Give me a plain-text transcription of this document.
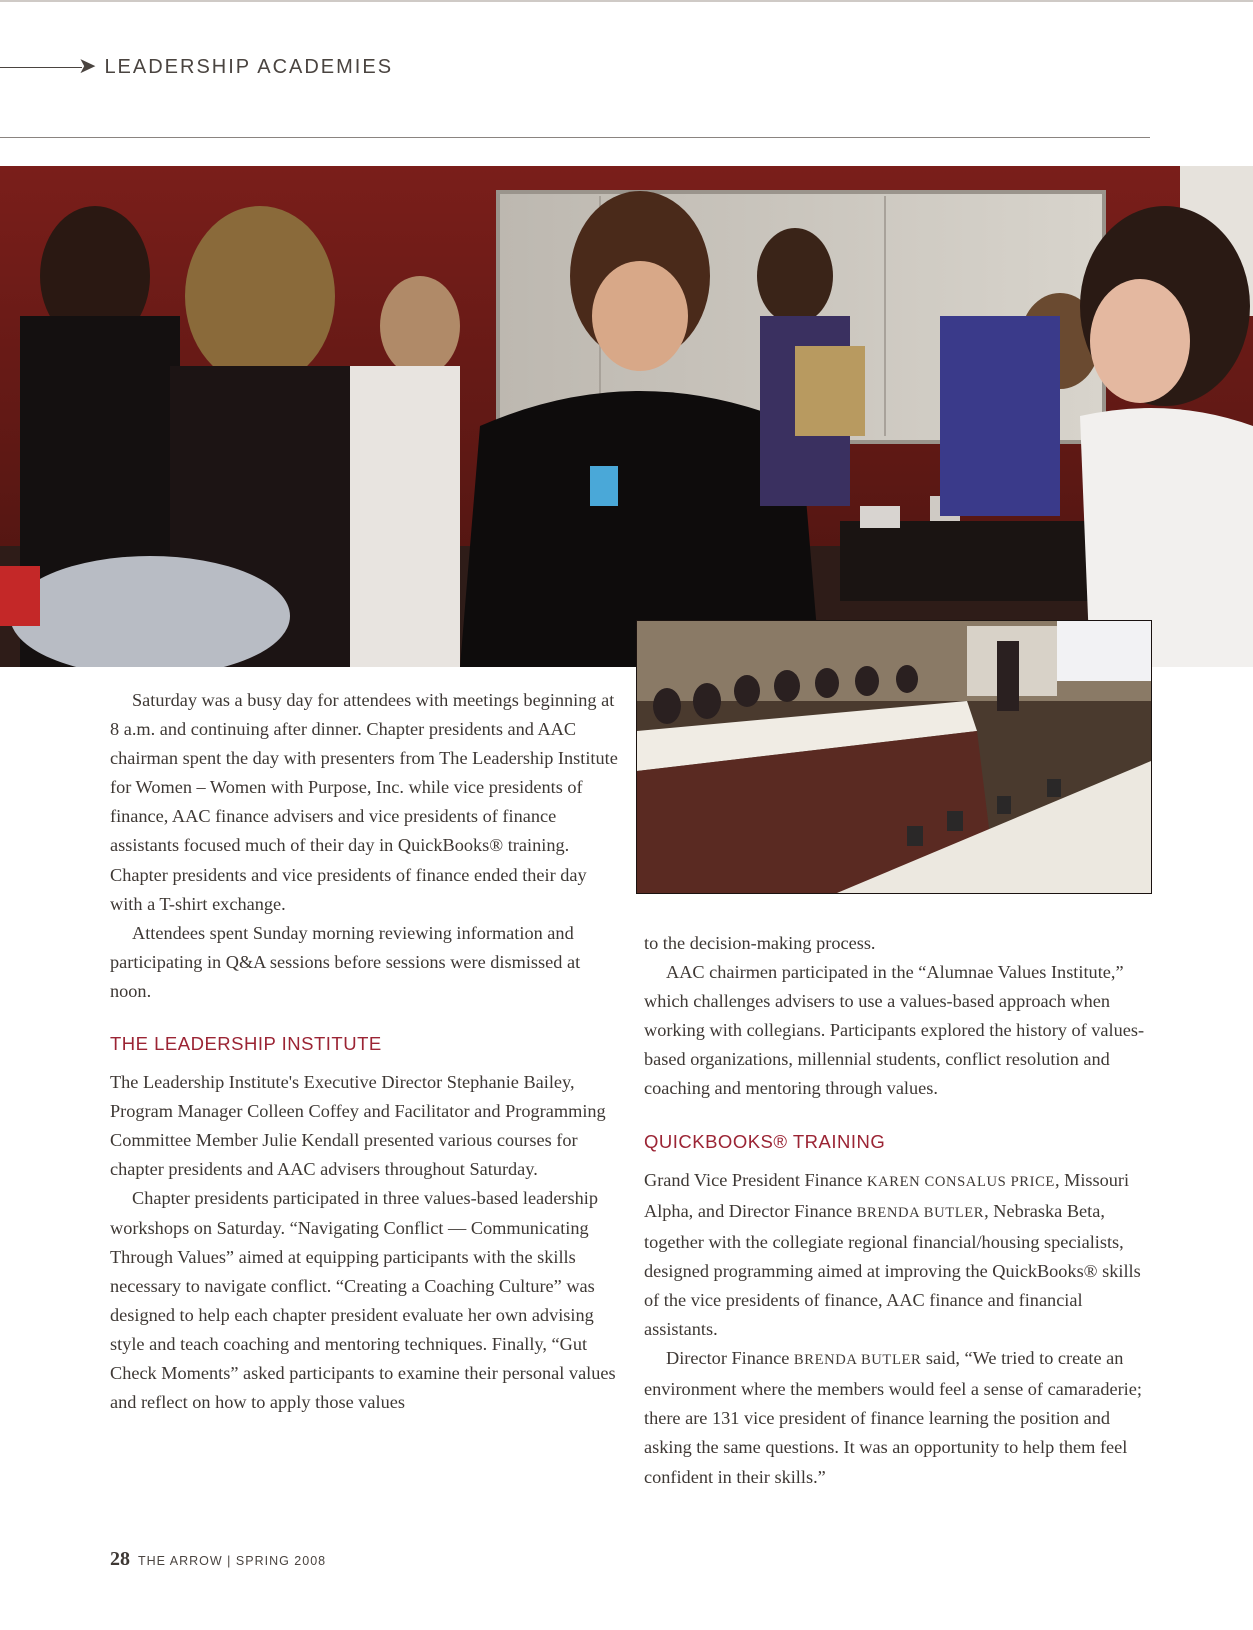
➤ LEADERSHIP ACADEMIES

Saturday was a busy day for attendees with meetings beginning at 8 a.m. and continuing after dinner. Chapter presidents and AAC chairman spent the day with presenters from The Leadership Institute for Women – Women with Purpose, Inc. while vice presidents of finance, AAC finance advisers and vice presidents of finance assistants focused much of their day in QuickBooks® training. Chapter presidents and vice presidents of finance ended their day with a T-shirt exchange.

Attendees spent Sunday morning reviewing information and participating in Q&A sessions before sessions were dismissed at noon.

THE LEADERSHIP INSTITUTE

The Leadership Institute's Executive Director Stephanie Bailey, Program Manager Colleen Coffey and Facilitator and Programming Committee Member Julie Kendall presented various courses for chapter presidents and AAC advisers throughout Saturday.

Chapter presidents participated in three values-based leadership workshops on Saturday. “Navigating Conflict — Communicating Through Values” aimed at equipping participants with the skills necessary to navigate conflict. “Creating a Coaching Culture” was designed to help each chapter president evaluate her own advising style and teach coaching and mentoring techniques. Finally, “Gut Check Moments” asked participants to examine their personal values and reflect on how to apply those values

to the decision-making process.

AAC chairmen participated in the “Alumnae Values Institute,” which challenges advisers to use a values-based approach when working with collegians. Participants explored the history of values-based organizations, millennial students, conflict resolution and coaching and mentoring through values.

QUICKBOOKS® TRAINING

Grand Vice President Finance KAREN CONSALUS PRICE, Missouri Alpha, and Director Finance BRENDA BUTLER, Nebraska Beta, together with the collegiate regional financial/housing specialists, designed programming aimed at improving the QuickBooks® skills of the vice presidents of finance, AAC finance and financial assistants.

Director Finance BRENDA BUTLER said, “We tried to create an environment where the members would feel a sense of camaraderie; there are 131 vice president of finance learning the position and asking the same questions. It was an opportunity to help them feel confident in their skills.”

28 THE ARROW | SPRING 2008
